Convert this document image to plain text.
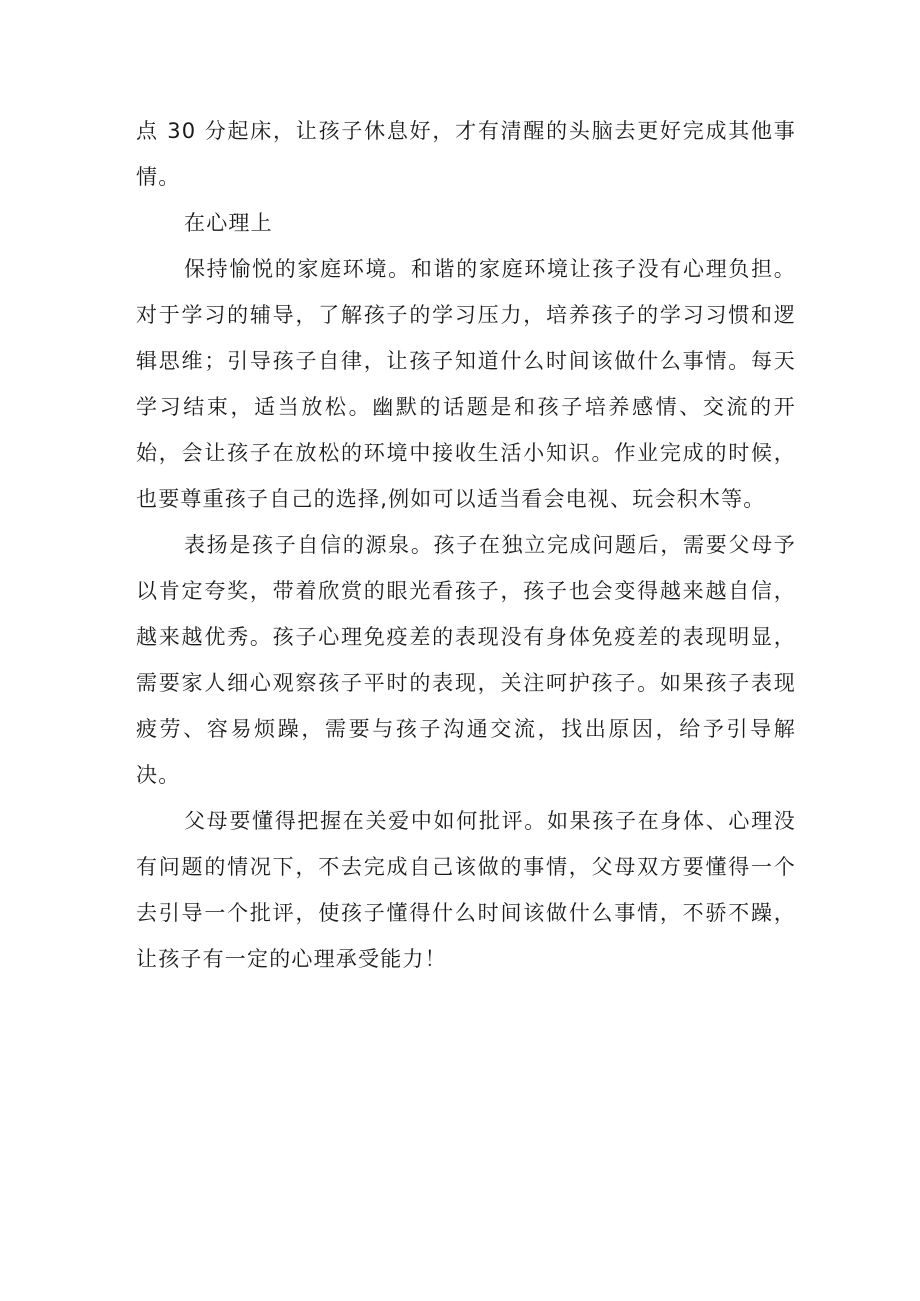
点 30 分起床，让孩子休息好，才有清醒的头脑去更好完成其他事情。

在心理上

保持愉悦的家庭环境。和谐的家庭环境让孩子没有心理负担。对于学习的辅导，了解孩子的学习压力，培养孩子的学习习惯和逻辑思维；引导孩子自律，让孩子知道什么时间该做什么事情。每天学习结束，适当放松。幽默的话题是和孩子培养感情、交流的开始，会让孩子在放松的环境中接收生活小知识。作业完成的时候，也要尊重孩子自己的选择,例如可以适当看会电视、玩会积木等。

表扬是孩子自信的源泉。孩子在独立完成问题后，需要父母予以肯定夸奖，带着欣赏的眼光看孩子，孩子也会变得越来越自信，越来越优秀。孩子心理免疫差的表现没有身体免疫差的表现明显，需要家人细心观察孩子平时的表现，关注呵护孩子。如果孩子表现疲劳、容易烦躁，需要与孩子沟通交流，找出原因，给予引导解决。

父母要懂得把握在关爱中如何批评。如果孩子在身体、心理没有问题的情况下，不去完成自己该做的事情，父母双方要懂得一个去引导一个批评，使孩子懂得什么时间该做什么事情，不骄不躁，让孩子有一定的心理承受能力！
